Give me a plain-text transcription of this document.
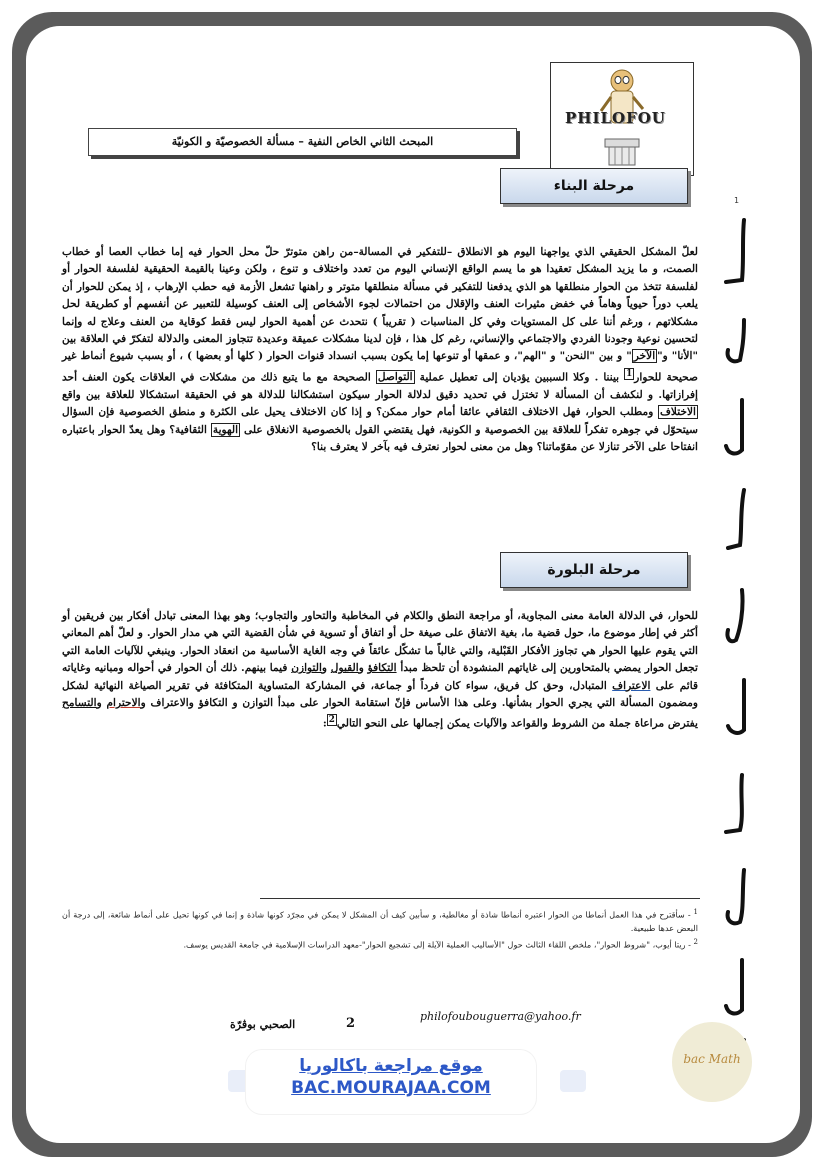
PHILOFOU
المبحث الثاني الخاص النفية – مسألة الخصوصيّة و الكونيّة
مرحلة البناء
لعلّ المشكل الحقيقي الذي يواجهنا اليوم هو الانطلاق –للتفكير في المسالة–من راهن متوترّ حلّ محل الحوار فيه إما خطاب العصا أو خطاب الصمت، و ما يزيد المشكل تعقيدا هو ما يسم الواقع الإنساني اليوم من تعدد واختلاف و تنوع ، ولكن وعينا بالقيمة الحقيقية لفلسفة الحوار أو لفلسفة تتخذ من الحوار منطلقها هو الذي يدفعنا للتفكير في مسألة منطلقها متوتر و راهنها تشعل الأزمة فيه حطب الإرهاب ، إذ يمكن للحوار أن يلعب دوراً حيوياً وهاماً في خفض مثيرات العنف والإقلال من احتمالات لجوء الأشخاص إلى العنف كوسيلة للتعبير عن أنفسهم أو كطريقة لحل مشكلاتهم ، ورغم أننا على كل المستويات وفي كل المناسبات ( تقريباً ) نتحدث عن أهمية الحوار ليس فقط كوقاية من العنف وعلاج له وإنما لتحسين نوعية وجودنا الفردي والاجتماعي والإنساني، رغم كل هذا ، فإن لدينا مشكلات عميقة وعديدة تتجاوز المعنى والدلالة لتفكرّ في العلاقة بين "الأنا" و"الآخر" و بين "النحن" و "الهم"، و عمقها أو تنوعها إما يكون بسبب انسداد قنوات الحوار ( كلها أو بعضها ) ، أو بسبب شيوع أنماط غير صحيحة للحوار$^1$ بيننا . وكلا السببين يؤديان إلى تعطيل عملية التواصل الصحيحة مع ما يتبع ذلك من مشكلات في العلاقات يكون العنف أحد إفرازاتها. و لنكشف أن المسألة لا تختزل في تحديد دقيق لدلالة الحوار سيكون استشكالنا للدلالة هو في الحقيقة استشكالا للعلاقة بين واقع الاختلاف ومطلب الحوار، فهل الاختلاف الثقافي عائقا أمام حوار ممكن؟ و إذا كان الاختلاف يحيل على الكثرة و منطق الخصوصية فإن السؤال سيتحوّل في جوهره تفكراً للعلاقة بين الخصوصية و الكونية، فهل يقتضي القول بالخصوصية الانغلاق على الهوية الثقافية؟ وهل يعدّ الحوار باعتباره انفتاحا على الآخر تنازلا عن مقوّماتنا؟ وهل من معنى لحوار نعترف فيه بآخر لا يعترف بنا؟
مرحلة البلورة
للحوار، في الدلالة العامة معنى المجاوبة، أو مراجعة النطق والكلام في المخاطبة والتحاور والتجاوب؛ وهو بهذا المعنى تبادل أفكار بين فريقين أو أكثر في إطار موضوع ما، حول قضية ما، بغية الاتفاق على صيغة حل أو اتفاق أو تسوية في شأن القضية التي هي مدار الحوار. و لعلّ أهم المعاني التي يقوم عليها الحوار هي تجاوز الأفكار القَبْلية، والتي غالباً ما تشكّل عائقاً في وجه الغاية الأساسية من انعقاد الحوار. وينبغي للآليات العامة التي تجعل الحوار يمضي بالمتحاورين إلى غاياتهم المنشودة أن تلحظ مبدأ التكافؤ والقبول والتوازن فيما بينهم. ذلك أن الحوار في أحواله ومبانيه وغاياته قائم على الاعتراف المتبادل، وحق كل فريق، سواء كان فرداً أو جماعة، في المشاركة المتساوية المتكافئة في تقرير الصياغة النهائية لشكل ومضمون المسألة التي يجري الحوار بشأنها. وعلى هذا الأساس فإنّ استقامة الحوار على مبدأ التوازن و التكافؤ والاعتراف والاحترام والتسامح يفترض مراعاة جملة من الشروط والقواعد والآليات يمكن إجمالها على النحو التالي$^2$:
1
1 - سأقترح في هذا العمل أنماطا من الحوار اعتبره أنماطا شاذة أو مغالطية، و سأبين كيف أن المشكل لا يمكن في مجرّد كونها شاذة و إنما في كونها تحيل على أنماط شائعة، إلى درجة أن البعض عدها طبيعية.
2 - ريتا أيوب، "شروط الحوار"، ملخص اللقاء الثالث حول "الأساليب العملية الآيلة إلى تشجيع الحوار"-معهد الدراسات الإسلامية في جامعة القديس يوسف.
الصحبي بوڤرّة	2	philofoubouguerra@yahoo.fr
bac Math
موقع مراجعة باكالوريا
BAC.MOURAJAA.COM
